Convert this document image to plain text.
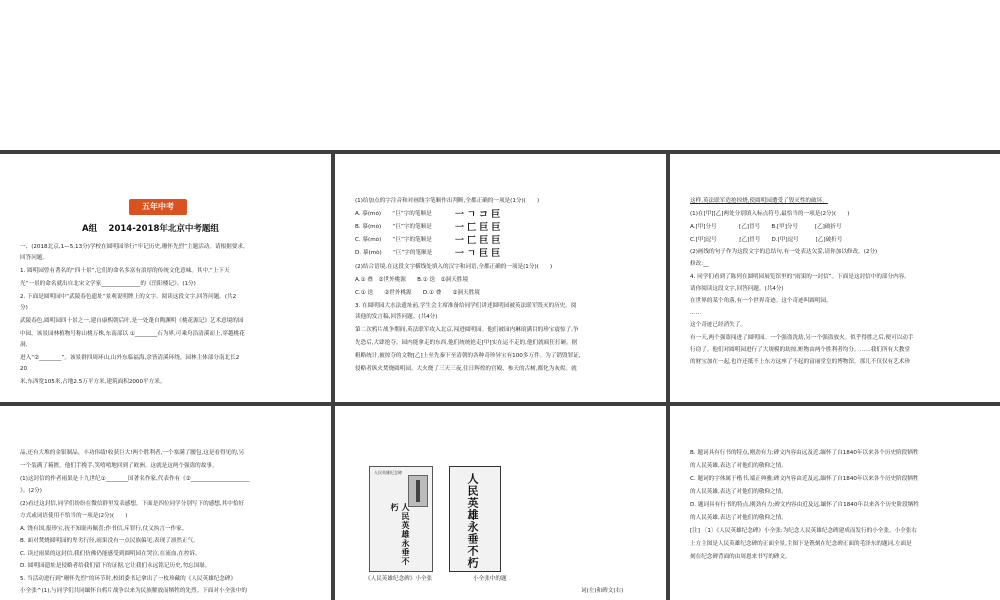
五年中考
A组　 2014-2018年北京中考题组
一、(2018北京,1—5,13分)学校在圆明园举行“牢记历史,珊怀先烈”主题活动。请根据要求,
回答问题。
1. 圆明园曾有著名的“四十景”,它们的命名多富有浪厚的传统文化意味。其中,“上下天
光”一景的命名就出自北宋文学家______________的《岳阳楼记》。(1分)
2. 下面是圆明园中“武陵春色遗址”景观说明牌上的文字。阅读这段文字,回答问题。(共2
分)
武陵春色,圆明园四十景之一,建自康熙朝后叶,是一处蓬自陶渊明《桃花源记》艺术意境的园
中园。该景园林植物号称山桃万株,东南部以 ①________石为界,可乘舟沿清溪而上,穿越桃花
洞,
进入“②________”。该景群四周环山,山外东临福海,余皆清溪环绕。园林主体部分南北长2
20
米,东西宽105米,占地2.5万平方米,建筑面积2000平方米。
(1)给加点的字注音和对画线字笔顺作出判断,全都正确的一项是(1分)(　　)
A. 摹(mó)　　“巨”字的笔顺是
B. 摹(mò)　　“巨”字的笔顺是
C. 摹(mó)　　“巨”字的笔顺是
D. 摹(mò)　　“巨”字的笔顺是
一 ㄱ コ 巨
一 匚 巨 巨
一 匚 巨 巨
一 ㄱ 巨 巨
(2)结合语境,在这段文字横线处填入的汉字和词语,全都正确的一项是(1分)(　　)
A.① 叠　②世外桃源　　B.① 迭　②洞天胜境
C.① 迭　　②世外桃源　　D.① 叠　　②洞天胜境
3. 在圆明园大水法遗址前,学生会主席准备给同学们讲述圆明园被英法联军毁灭的历史。阅
读他的发言稿,回答问题。(共4分)
第二次鸦片战争期间,英法联军攻入北京,闯进圆明园。他们被园内琳琅满目的珍宝震惊了,争
先恐后,大肆抢夺。园内能拿走的东西,他们统统抢走[甲]实在运不走的,他们就疯狂打砸。据
粗略统计,被掠夺的文物[乙]上至先秦下至清朝的各种奇珍异宝有100多万件。为了销毁罪证,
侵略者纵火焚烧圆明园。大火烧了三天三夜,往日辉煌的宫殿、参天的古树,都化为灰烬。就
这样,英法联军造抢掠烧,使圆明园遭受了毁灭性的破坏。
(1)在[甲][乙]两处分别填入标点符号,最恰当的一项是(2分)(　　)
A.[甲]分号　　　　[乙]冒号　　B.[甲]分号　　　[乙]破折号
C.[甲]逗号　　　　[乙]冒号　　D.[甲]逗号　　　[乙]破折号
(2)画线的句子作为这段文字的总结句,有一处表达欠妥,请你加以修改。(2分)
修改:__
4. 同学们看到了陈列在圆明园展览馆里的“雨果的一封信”。下面是这封信中的部分内容,
请你阅读这段文字,回答问题。(共4分)
在世界的某个角落,有一个世界奇迹。这个奇迹叫圆明园。
……
这个奇迹已经消失了。
有一天,两个强盗闯进了圆明园。一个强盗洗劫,另一个强盗放火。似乎得胜之后,便可以动手
行窃了。他们对圆明园进行了大规模的劫掠,赃物由两个胜利者均分。……我们所有大教堂
的财宝加在一起,也许还抵不上东方这座了不起的富丽堂皇的博物馆。那儿不仅仅有艺术珍
品,还有大堆的金银制品。丰功伟绩!收获巨大!两个胜利者,一个塞满了腰包,这是看得见的,另
一个装满了箱匮。他们手挽手,笑嘻嘻地回到了欧洲。这就是这两个强盗的故事。
(1)这封信的作者雨果是十九世纪①________国著名作家,代表作有《②_____________________
》。(2分)
(2)看过这封信,同学们纷纷在微信群里发表感想。下面是四位同学分别写下的感想,其中恰好
方式或词语使用不恰当的一项是(2分)(　　)
A. 饶有国,报珍宝,抚不知耻再佩喜;作书信,斥罪行,仗义执言一作家。
B. 面对焚烧圆明园的卑劣行径,雨果没有一点民族偏见,表现了凛然正气。
C. 读过雨果的这封信,我们仿佛仍能感受到圆明园在哭泣,在流血,在控诉。
D. 圆明园遗址是侵略者给我们留下的证据,它让我们永远铭记历史,勿忘国耻。
5. 当活动进行到“珊怀先烈”的环节时,校团委书记拿出了一枚珍藏的《人民英雄纪念碑》
小全张^(1),与同学们共同缅怀自鸦片战争以来为民族解放而牺牲的先烈。下面对小全张中的
人民英雄纪念碑
人民英雄永垂不朽	人民英雄永垂不朽
《人民英雄纪念碑》小全张	小全张中的题
词(左)和碑文(右)
B. 题词具有行书的特点,刚劲有力;碑文内容由远及近,缅怀了自1840年以来各个历史阶段牺牲
的人民英雄,表达了对他们的敬仰之情。
C. 题词的字体属于楷书,端正典雅;碑文内容由近及远,缅怀了自1840年以来各个历史阶段牺牲
的人民英雄,表达了对他们的敬仰之情。
D. 题词具有行书的特点,刚劲有力;碑文内容由近及远,缅怀了自1840年以来各个历史阶段牺牲
的人民英雄,表达了对他们的敬仰之情。
[注] 〔1〕《人民英雄纪念碑》小全张:为纪念人民英雄纪念碑建成而发行的小全张。小全张右
上方主图是人民英雄纪念碑的正面全景,主图下是镌刻在纪念碑正面的毛泽东的题词,左面是
刻在纪念碑背面的由周恩来书写的碑文。
